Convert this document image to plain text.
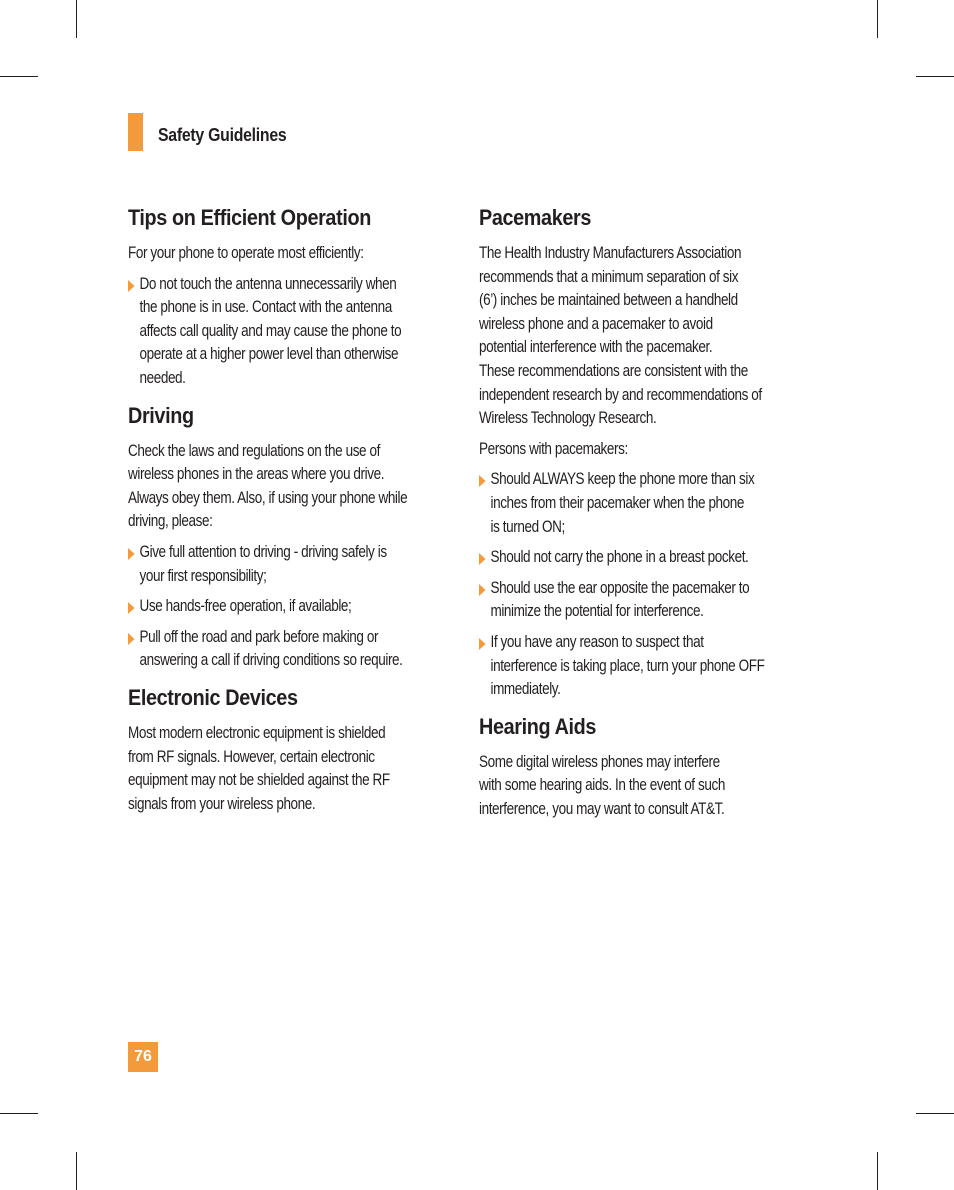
Safety Guidelines
Tips on Efficient Operation

For your phone to operate most efficiently:

Do not touch the antenna unnecessarily when
the phone is in use. Contact with the antenna
affects call quality and may cause the phone to
operate at a higher power level than otherwise
needed.
Driving

Check the laws and regulations on the use of
wireless phones in the areas where you drive.
Always obey them. Also, if using your phone while
driving, please:

Give full attention to driving - driving safely is
your first responsibility;
Use hands-free operation, if available;
Pull off the road and park before making or
answering a call if driving conditions so require.
Electronic Devices

Most modern electronic equipment is shielded
from RF signals. However, certain electronic
equipment may not be shielded against the RF
signals from your wireless phone.

Pacemakers

The Health Industry Manufacturers Association
recommends that a minimum separation of six
(6’) inches be maintained between a handheld
wireless phone and a pacemaker to avoid
potential interference with the pacemaker.
These recommendations are consistent with the
independent research by and recommendations of
Wireless Technology Research.

Persons with pacemakers:

Should ALWAYS keep the phone more than six
inches from their pacemaker when the phone
is turned ON;
Should not carry the phone in a breast pocket.
Should use the ear opposite the pacemaker to
minimize the potential for interference.
If you have any reason to suspect that
interference is taking place, turn your phone OFF
immediately.
Hearing Aids

Some digital wireless phones may interfere
with some hearing aids. In the event of such
interference, you may want to consult AT&T.

76
